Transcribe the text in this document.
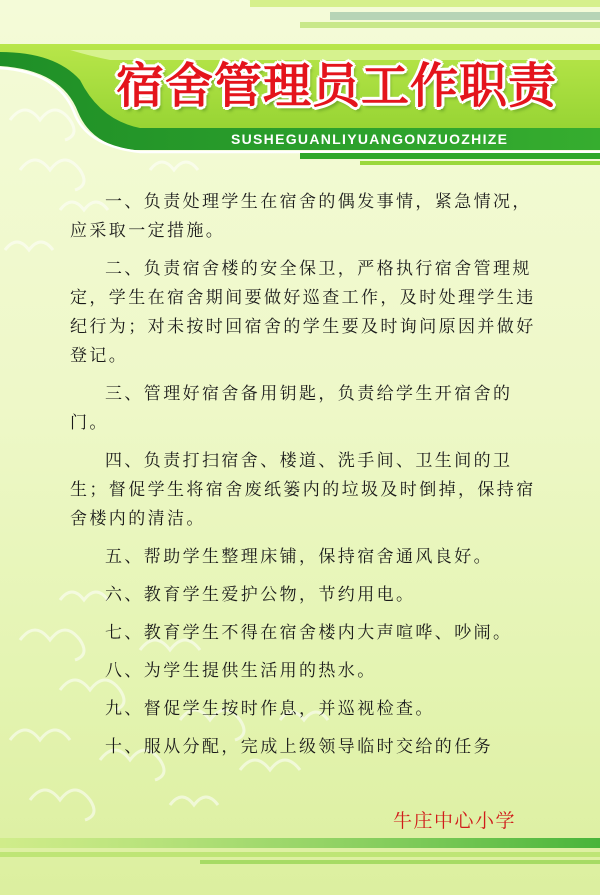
宿舍管理员工作职责
SUSHEGUANLIYUANGONZUOZHIZE

一、负责处理学生在宿舍的偶发事情，紧急情况，应采取一定措施。

二、负责宿舍楼的安全保卫，严格执行宿舍管理规定，学生在宿舍期间要做好巡查工作，及时处理学生违纪行为；对未按时回宿舍的学生要及时询问原因并做好登记。

三、管理好宿舍备用钥匙，负责给学生开宿舍的门。

四、负责打扫宿舍、楼道、洗手间、卫生间的卫生；督促学生将宿舍废纸篓内的垃圾及时倒掉，保持宿舍楼内的清洁。

五、帮助学生整理床铺，保持宿舍通风良好。

六、教育学生爱护公物，节约用电。

七、教育学生不得在宿舍楼内大声喧哗、吵闹。

八、为学生提供生活用的热水。

九、督促学生按时作息，并巡视检查。

十、服从分配，完成上级领导临时交给的任务

牛庄中心小学
